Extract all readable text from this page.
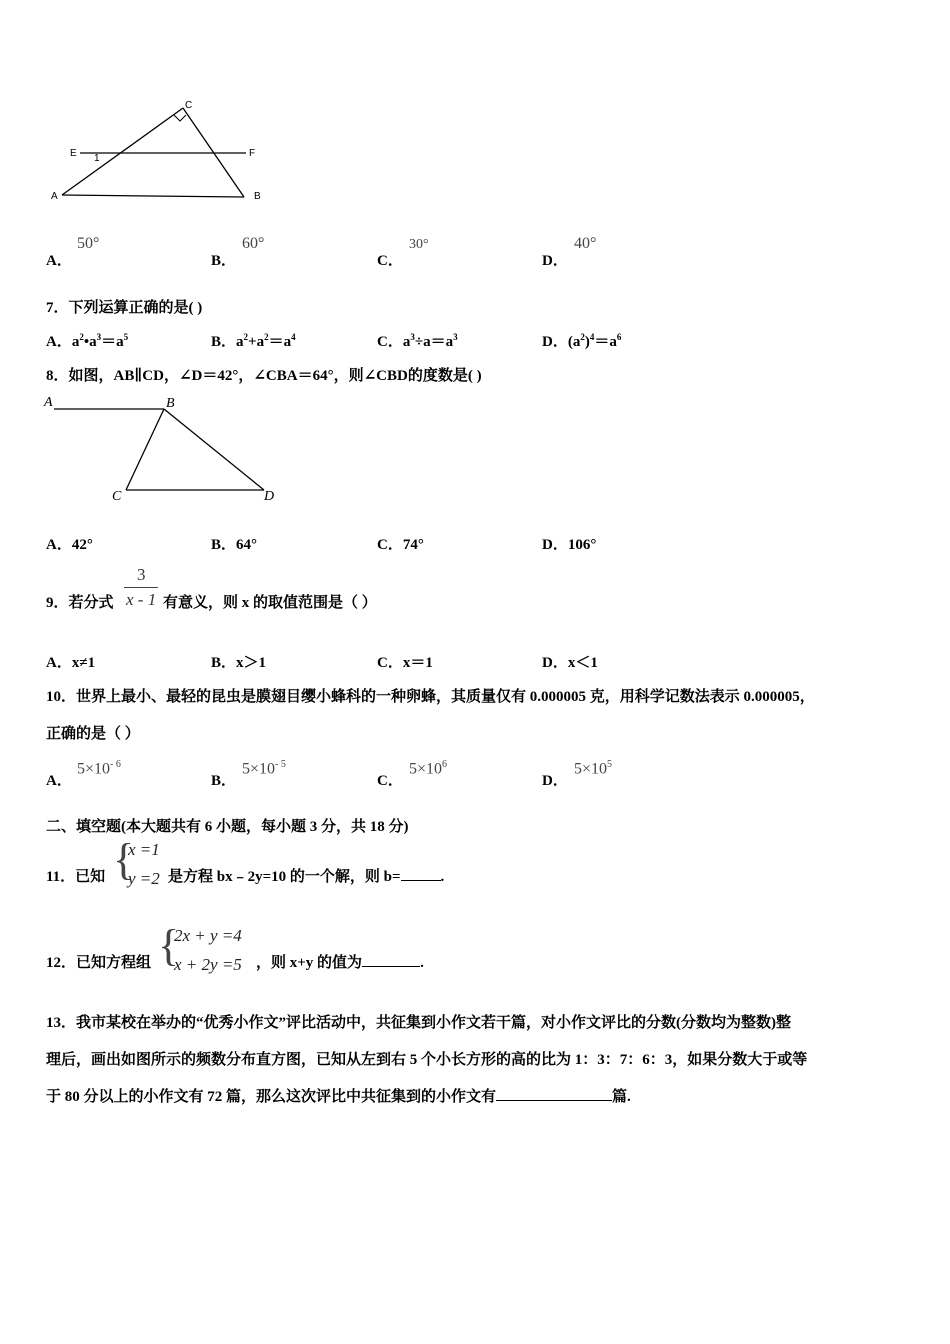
C
E	F
1
A	B
A．
50°
B．
60°
C．
30°
D．
40°
7．下列运算正确的是( )
A．$a^2•a^3=a^5$	B．$a^2+a^2=a^4$	C．$a^3\div a=a^3$	D．$(a^2)^4=a^6$
8．如图，AB∥CD，∠D＝42°，∠CBA＝64°，则∠CBD的度数是( )
A	B
C	D
A．42°	B．64°	C．74°	D．106°
9．若分式
3
x - 1 有意义，则 x 的取值范围是（ ）
A．x≠1	B．x＞1	C．x＝1	D．x＜1
10．世界上最小、最轻的昆虫是膜翅目缨小蜂科的一种卵蜂，其质量仅有 0.000005 克，用科学记数法表示 0.000005，
正确的是（ ）
A．
$5\times 10^{- 6}$
B．
$5\times 10^{- 5}$
C．
$5\times 10^6$
D．
$5\times 10^5$
二、填空题(本大题共有 6 小题，每小题 3 分，共 18 分)
11．已知 {
x =1
y =2 是方程 bx﹣2y=10 的一个解，则 b=	.
12．已知方程组 {
2x + y =4
x + 2y =5 ，则 x+y 的值为	.
13．我市某校在举办的“优秀小作文”评比活动中，共征集到小作文若干篇，对小作文评比的分数(分数均为整数)整
理后，画出如图所示的频数分布直方图，已知从左到右 5 个小长方形的高的比为 1：3：7：6：3，如果分数大于或等
于 80 分以上的小作文有 72 篇，那么这次评比中共征集到的小作文有	篇.
